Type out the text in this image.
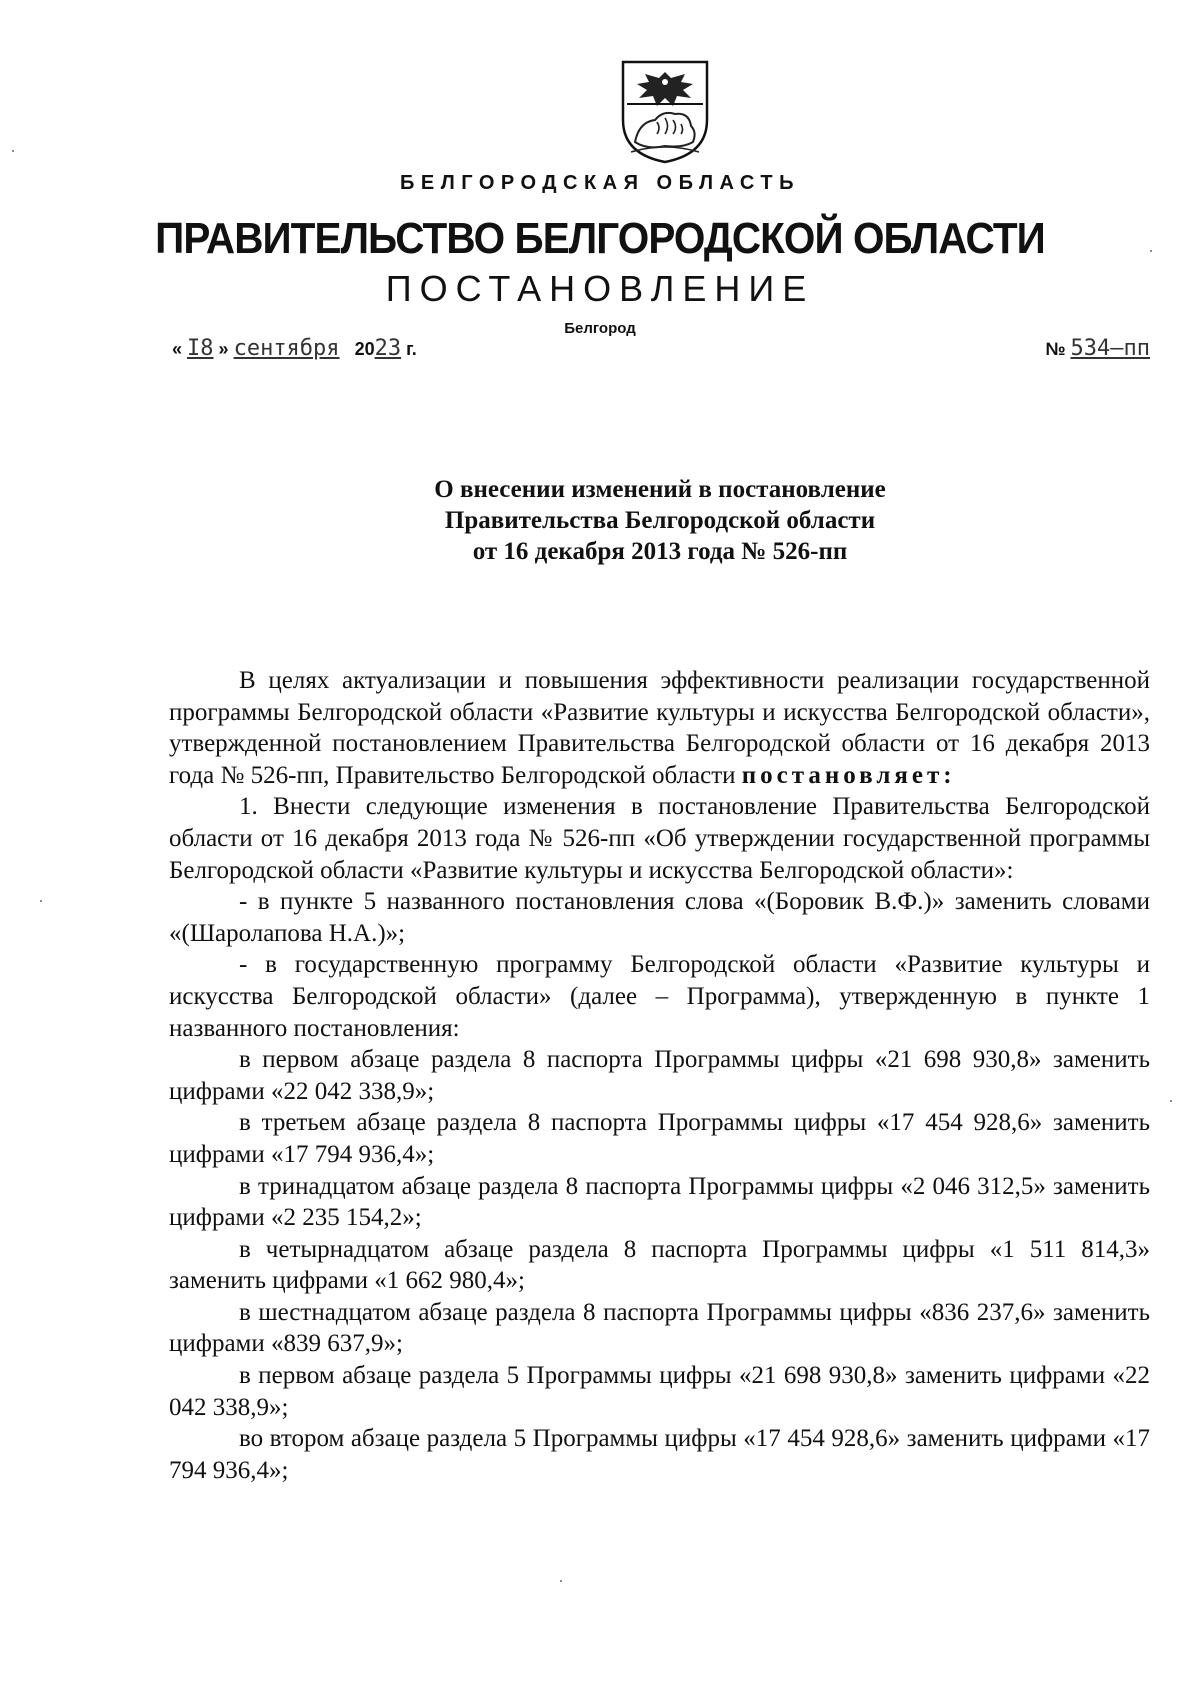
БЕЛГОРОДСКАЯ ОБЛАСТЬ
ПРАВИТЕЛЬСТВО БЕЛГОРОДСКОЙ ОБЛАСТИ
ПОСТАНОВЛЕНИЕ
Белгород
« I8 » сентября 2023 г.	№ 534–пп
О внесении изменений в постановление
Правительства Белгородской области
от 16 декабря 2013 года № 526-пп

В целях актуализации и повышения эффективности реализации государственной программы Белгородской области «Развитие культуры и искусства Белгородской области», утвержденной постановлением Правительства Белгородской области от 16 декабря 2013 года № 526-пп, Правительство Белгородской области постановляет:

1. Внести следующие изменения в постановление Правительства Белгородской области от 16 декабря 2013 года № 526-пп «Об утверждении государственной программы Белгородской области «Развитие культуры и искусства Белгородской области»:

- в пункте 5 названного постановления слова «(Боровик В.Ф.)» заменить словами «(Шаролапова Н.А.)»;

- в государственную программу Белгородской области «Развитие культуры и искусства Белгородской области» (далее – Программа), утвержденную в пункте 1 названного постановления:

в первом абзаце раздела 8 паспорта Программы цифры «21 698 930,8» заменить цифрами «22 042 338,9»;

в третьем абзаце раздела 8 паспорта Программы цифры «17 454 928,6» заменить цифрами «17 794 936,4»;

в тринадцатом абзаце раздела 8 паспорта Программы цифры «2 046 312,5» заменить цифрами «2 235 154,2»;

в четырнадцатом абзаце раздела 8 паспорта Программы цифры «1 511 814,3» заменить цифрами «1 662 980,4»;

в шестнадцатом абзаце раздела 8 паспорта Программы цифры «836 237,6» заменить цифрами «839 637,9»;

в первом абзаце раздела 5 Программы цифры «21 698 930,8» заменить цифрами «22 042 338,9»;

во втором абзаце раздела 5 Программы цифры «17 454 928,6» заменить цифрами «17 794 936,4»;
